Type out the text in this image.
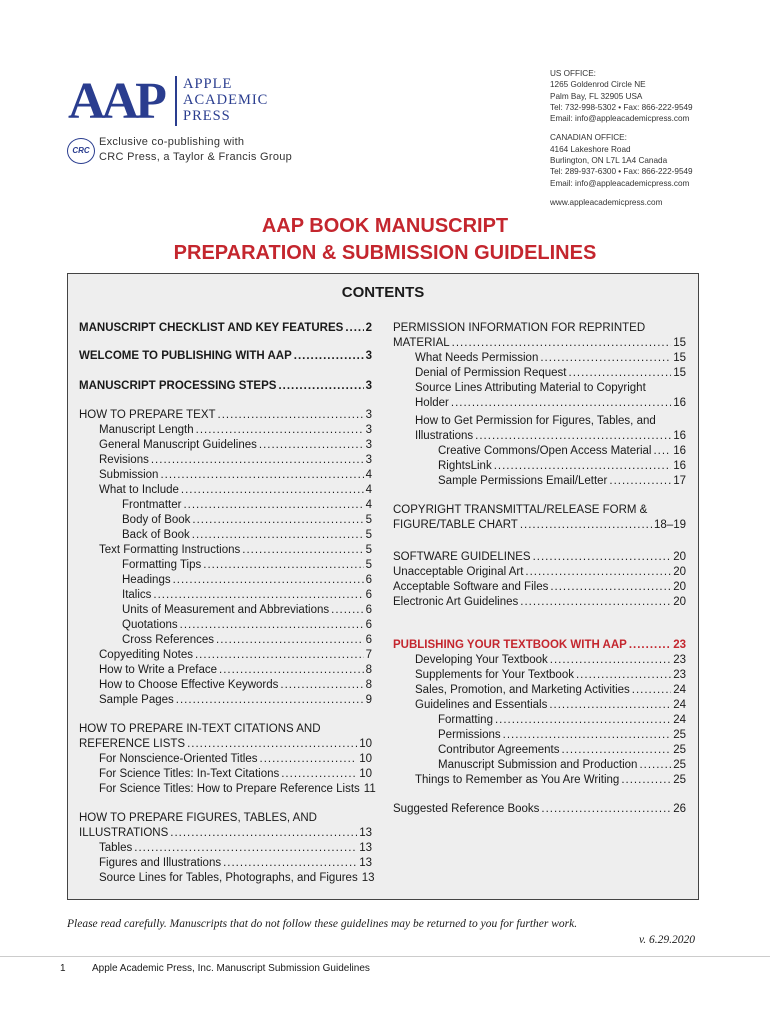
AAP APPLE
ACADEMIC
PRESS
CRC
Exclusive co-publishing with
CRC Press, a Taylor & Francis Group
US OFFICE:
1265 Goldenrod Circle NE
Palm Bay, FL 32905 USA
Tel: 732-998-5302 • Fax: 866-222-9549
Email: info@appleacademicpress.com
CANADIAN OFFICE:
4164 Lakeshore Road
Burlington, ON L7L 1A4 Canada
Tel: 289-937-6300 • Fax: 866-222-9549
Email: info@appleacademicpress.com
www.appleacademicpress.com
AAP BOOK MANUSCRIPT
PREPARATION & SUBMISSION GUIDELINES
CONTENTS
Please read carefully. Manuscripts that do not follow these guidelines may be returned to you for further work.
v. 6.29.2020
1	Apple Academic Press, Inc. Manuscript Submission Guidelines
MANUSCRIPT CHECKLIST AND KEY FEATURES ..... 2
WELCOME TO PUBLISHING WITH AAP .....	3
MANUSCRIPT PROCESSING STEPS .....	3
HOW TO PREPARE TEXT .....	3
Manuscript Length .....	3
General Manuscript Guidelines .....	3
Revisions .....	3
Submission .....	4
What to Include .....	4
Frontmatter .....	4
Body of Book .....	5
Back of Book .....	5
Text Formatting Instructions .....	5
Formatting Tips .....	5
Headings .....	6
Italics .....	6
Units of Measurement and Abbreviations .....	6
Quotations .....	6
Cross References .....	6
Copyediting Notes .....	7
How to Write a Preface .....	8
How to Choose Effective Keywords .....	8
Sample Pages .....	9
HOW TO PREPARE IN-TEXT CITATIONS AND
REFERENCE LISTS .....	10
For Nonscience-Oriented Titles .....	10
For Science Titles: In-Text Citations .....	10
For Science Titles: How to Prepare Reference Lists 11
HOW TO PREPARE FIGURES, TABLES, AND
ILLUSTRATIONS .....	13
Tables .....	13
Figures and Illustrations .....	13
Source Lines for Tables, Photographs, and Figures 13
PERMISSION INFORMATION FOR REPRINTED
MATERIAL .....	15
What Needs Permission .....	15
Denial of Permission Request .....	15
Source Lines Attributing Material to Copyright
Holder .....	16
How to Get Permission for Figures, Tables, and
Illustrations .....	16
Creative Commons/Open Access Material ..... 16
RightsLink .....	16
Sample Permissions Email/Letter .....	17
COPYRIGHT TRANSMITTAL/RELEASE FORM &
FIGURE/TABLE CHART .....	18–19
SOFTWARE GUIDELINES .....	20
Unacceptable Original Art .....	20
Acceptable Software and Files .....	20
Electronic Art Guidelines .....	20
PUBLISHING YOUR TEXTBOOK WITH AAP .....	23
Developing Your Textbook .....	23
Supplements for Your Textbook .....	23
Sales, Promotion, and Marketing Activities .....	24
Guidelines and Essentials .....	24
Formatting .....	24
Permissions .....	25
Contributor Agreements .....	25
Manuscript Submission and Production .....	25
Things to Remember as You Are Writing .....	25
Suggested Reference Books .....	26
